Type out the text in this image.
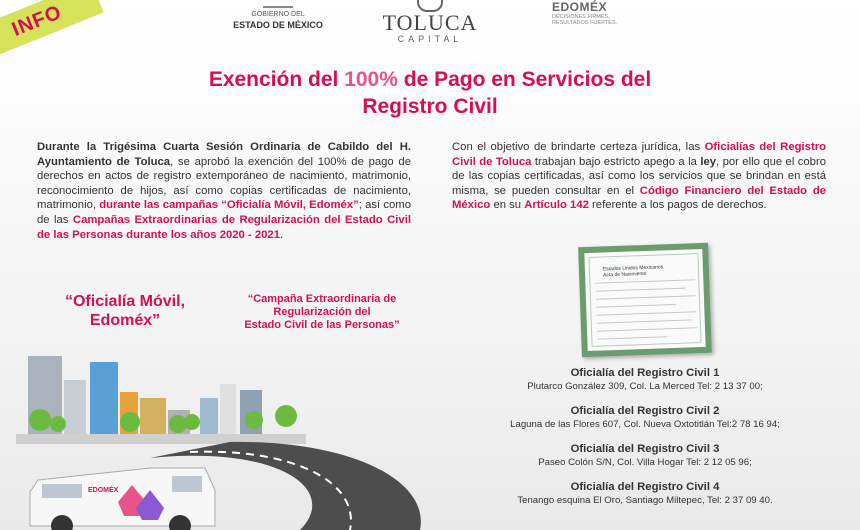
INFO	GOBIERNO DEL
ESTADO DE MÉXICO	TOLUCA
CAPITAL
EDOMÉX
DECISIONES FIRMES,
RESULTADOS FUERTES.
Exención del 100% de Pago en Servicios del
Registro Civil

Durante la Trigésima Cuarta Sesión Ordinaria de Cabildo del H. Ayuntamiento de Toluca, se aprobó la exención del 100% de pago de derechos en actos de registro extemporáneo de nacimiento, matrimonio, reconocimiento de hijos, así como copias certificadas de nacimiento, matrimonio, durante las campañas “Oficialía Móvil, Edoméx”; así como de las Campañas Extraordinarias de Regularización del Estado Civil de las Personas durante los años 2020 - 2021.

Con el objetivo de brindarte certeza jurídica, las Oficialías del Registro Civil de Toluca trabajan bajo estricto apego a la ley, por ello que el cobro de las copias certificadas, así como los servicios que se brindan en está misma, se pueden consultar en el Código Financiero del Estado de México en su Artículo 142 referente a los pagos de derechos.

“Oficialía Móvil, Edoméx”
“Campaña Extraordinaria de
Regularización del
Estado Civil de las Personas”
Estados Unidos Mexicanos
Acta de Nacimiento
EDOMÉX
Oficialía del Registro Civil 1
Plutarco González 309, Col. La Merced Tel: 2 13 37 00;
Oficialía del Registro Civil 2
Laguna de las Flores 607, Col. Nueva Oxtotitlán Tel:2 78 16 94;
Oficialía del Registro Civil 3
Paseo Colón S/N, Col. Villa Hogar Tel: 2 12 05 96;
Oficialía del Registro Civil 4
Tenango esquina El Oro, Santiago Miltepec, Tel: 2 37 09 40.
